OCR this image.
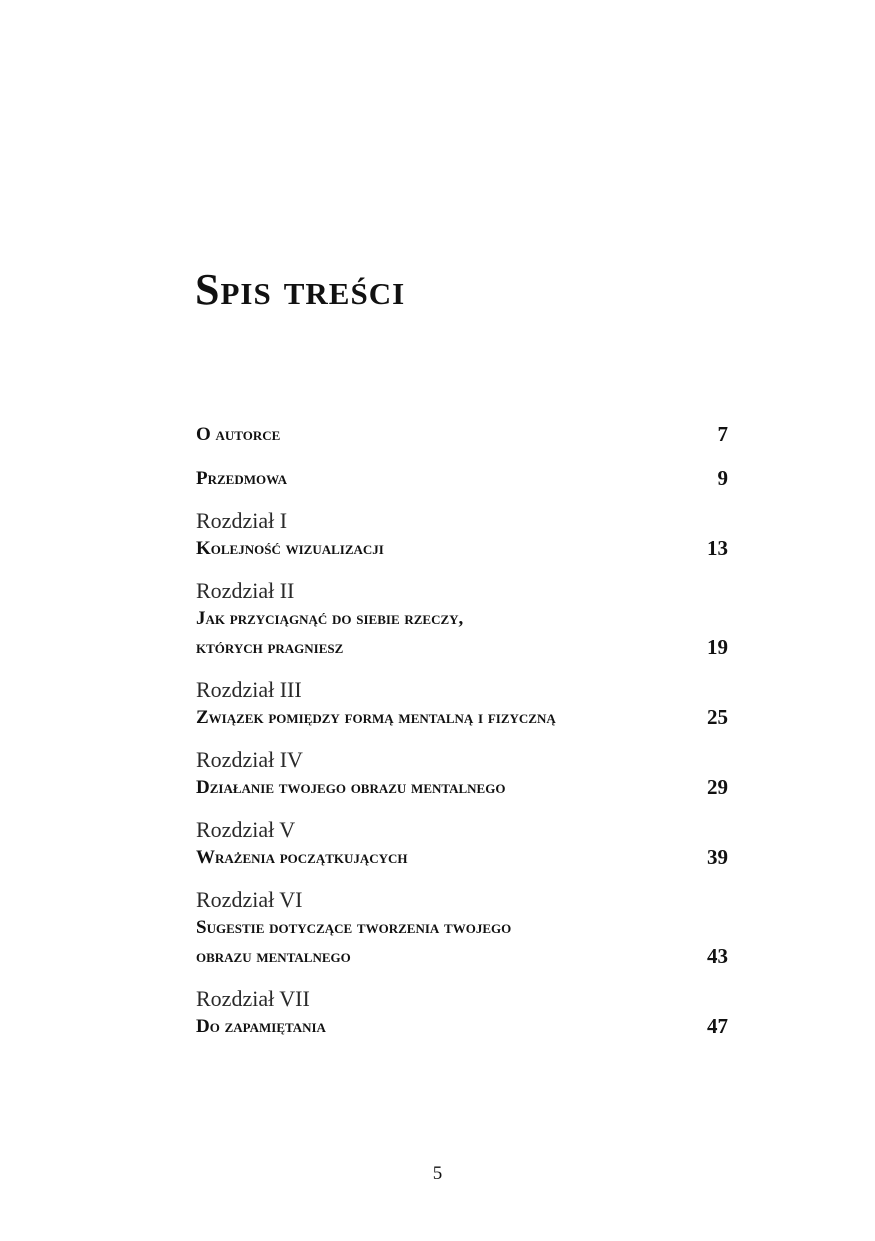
Spis treści
O autorce	7
Przedmowa	9
Rozdział I
Kolejność wizualizacji	13
Rozdział II
Jak przyciągnąć do siebie rzeczy,
których pragniesz	19
Rozdział III
Związek pomiędzy formą mentalną i fizyczną	25
Rozdział IV
Działanie twojego obrazu mentalnego	29
Rozdział V
Wrażenia początkujących	39
Rozdział VI
Sugestie dotyczące tworzenia twojego
obrazu mentalnego	43
Rozdział VII
Do zapamiętania	47
5
